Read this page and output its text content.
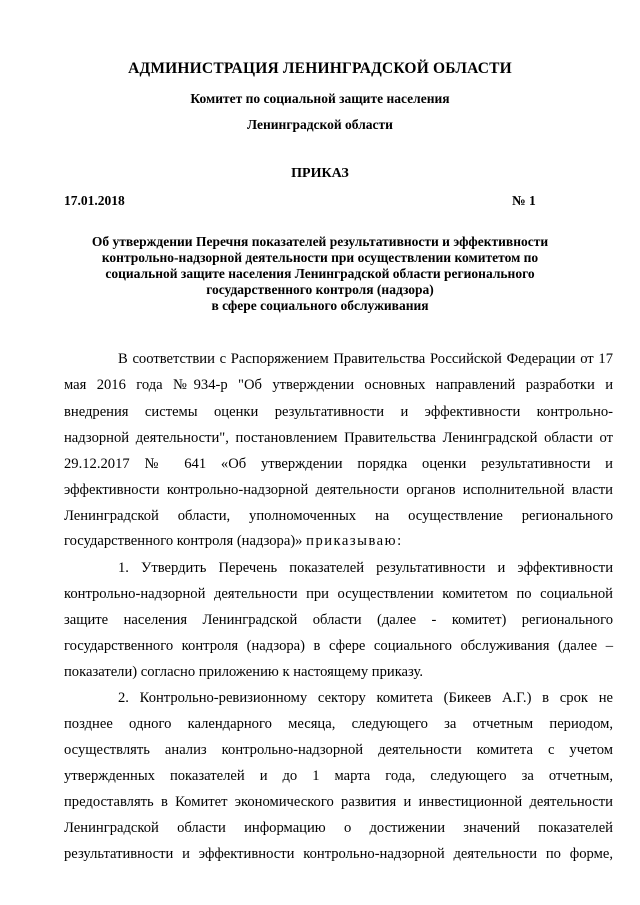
АДМИНИСТРАЦИЯ ЛЕНИНГРАДСКОЙ ОБЛАСТИ
Комитет по социальной защите населения
Ленинградской области
ПРИКАЗ
17.01.2018	№ 1
Об утверждении Перечня показателей результативности и эффективности
контрольно-надзорной деятельности при осуществлении комитетом по
социальной защите населения Ленинградской области регионального
государственного контроля (надзора)
в сфере социального обслуживания
В соответствии с Распоряжением Правительства Российской Федерации от 17
мая 2016 года №934-р "Об утверждении основных направлений разработки и
внедрения системы оценки результативности и эффективности контрольно-
надзорной деятельности", постановлением Правительства Ленинградской области от
29.12.2017 № 641 «Об утверждении порядка оценки результативности и
эффективности контрольно-надзорной деятельности органов исполнительной власти
Ленинградской области, уполномоченных на осуществление регионального
государственного контроля (надзора)» приказываю:
1. Утвердить Перечень показателей результативности и эффективности
контрольно-надзорной деятельности при осуществлении комитетом по социальной
защите населения Ленинградской области (далее - комитет) регионального
государственного контроля (надзора) в сфере социального обслуживания (далее –
показатели) согласно приложению к настоящему приказу.
2. Контрольно-ревизионному сектору комитета (Бикеев А.Г.) в срок не
позднее одного календарного месяца, следующего за отчетным периодом,
осуществлять анализ контрольно-надзорной деятельности комитета с учетом
утвержденных показателей и до 1 марта года, следующего за отчетным,
предоставлять в Комитет экономического развития и инвестиционной деятельности
Ленинградской области информацию о достижении значений показателей
результативности и эффективности контрольно-надзорной деятельности по форме,
